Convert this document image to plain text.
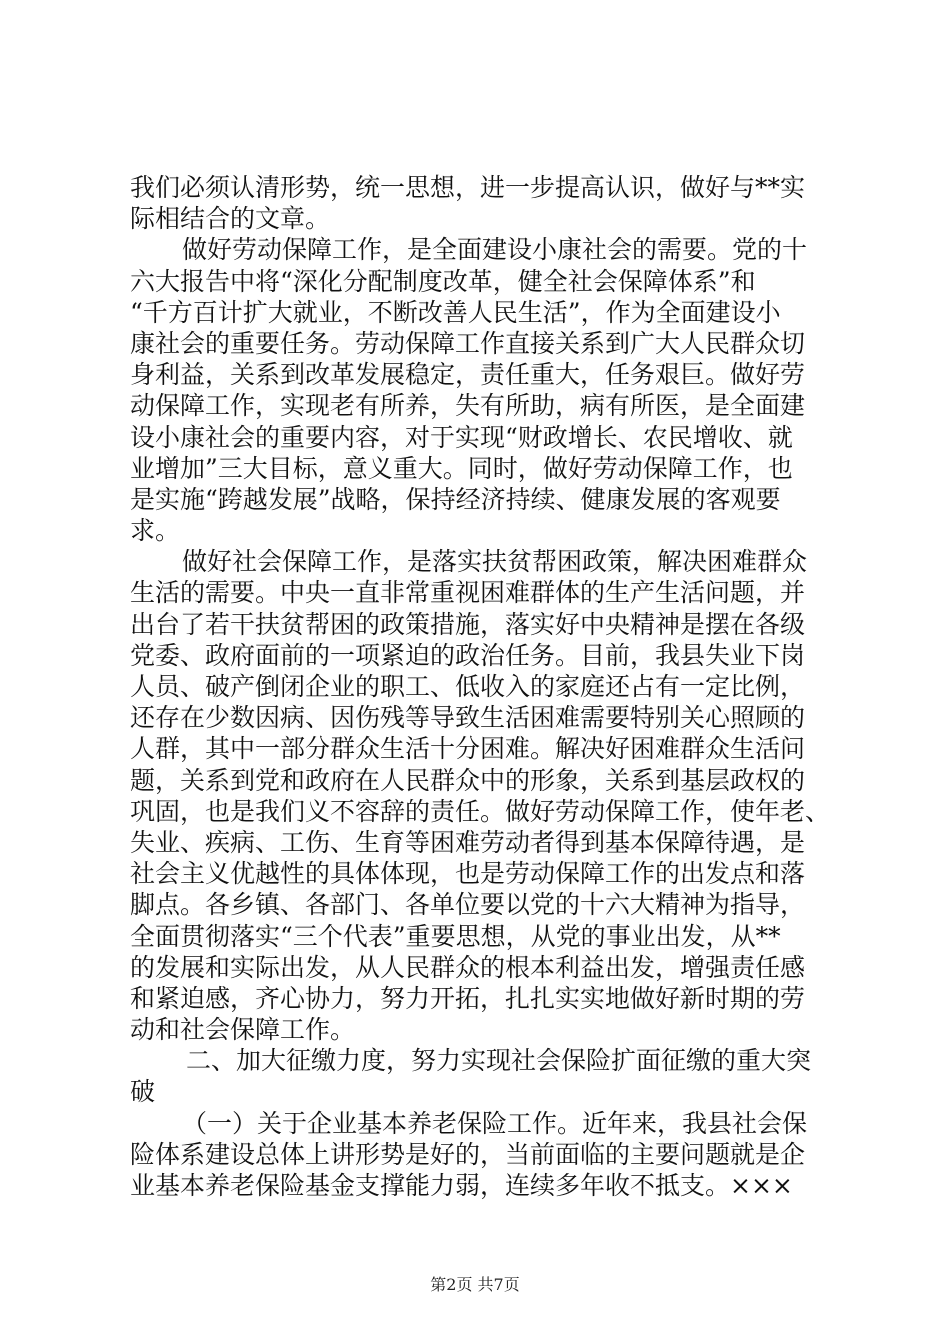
我们必须认清形势，统一思想，进一步提高认识，做好与**实
际相结合的文章。
做好劳动保障工作，是全面建设小康社会的需要。党的十
六大报告中将“深化分配制度改革，健全社会保障体系”和
“千方百计扩大就业，不断改善人民生活”，作为全面建设小
康社会的重要任务。劳动保障工作直接关系到广大人民群众切
身利益，关系到改革发展稳定，责任重大，任务艰巨。做好劳
动保障工作，实现老有所养，失有所助，病有所医，是全面建
设小康社会的重要内容，对于实现“财政增长、农民增收、就
业增加”三大目标，意义重大。同时，做好劳动保障工作，也
是实施“跨越发展”战略，保持经济持续、健康发展的客观要
求。
做好社会保障工作，是落实扶贫帮困政策，解决困难群众
生活的需要。中央一直非常重视困难群体的生产生活问题，并
出台了若干扶贫帮困的政策措施，落实好中央精神是摆在各级
党委、政府面前的一项紧迫的政治任务。目前，我县失业下岗
人员、破产倒闭企业的职工、低收入的家庭还占有一定比例，
还存在少数因病、因伤残等导致生活困难需要特别关心照顾的
人群，其中一部分群众生活十分困难。解决好困难群众生活问
题，关系到党和政府在人民群众中的形象，关系到基层政权的
巩固，也是我们义不容辞的责任。做好劳动保障工作，使年老、
失业、疾病、工伤、生育等困难劳动者得到基本保障待遇，是
社会主义优越性的具体体现，也是劳动保障工作的出发点和落
脚点。各乡镇、各部门、各单位要以党的十六大精神为指导，
全面贯彻落实“三个代表”重要思想，从党的事业出发，从**
的发展和实际出发，从人民群众的根本利益出发，增强责任感
和紧迫感，齐心协力，努力开拓，扎扎实实地做好新时期的劳
动和社会保障工作。
二、加大征缴力度，努力实现社会保险扩面征缴的重大突
破
（一）关于企业基本养老保险工作。近年来，我县社会保
险体系建设总体上讲形势是好的，当前面临的主要问题就是企
业基本养老保险基金支撑能力弱，连续多年收不抵支。×××
第2页 共7页
